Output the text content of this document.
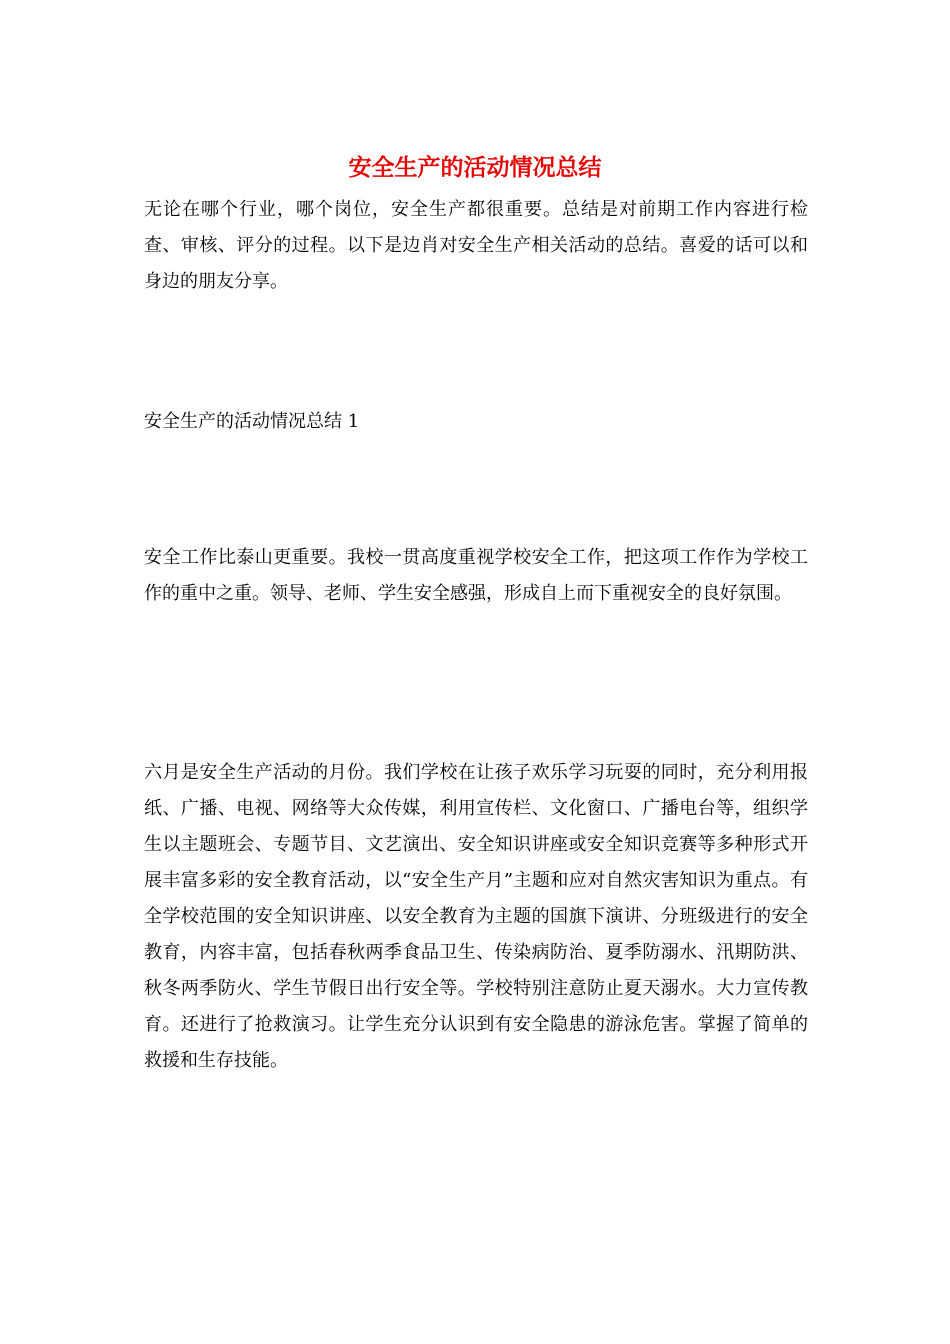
安全生产的活动情况总结

无论在哪个行业，哪个岗位，安全生产都很重要。总结是对前期工作内容进行检查、审核、评分的过程。以下是边肖对安全生产相关活动的总结。喜爱的话可以和身边的朋友分享。

安全生产的活动情况总结 1

安全工作比泰山更重要。我校一贯高度重视学校安全工作，把这项工作作为学校工作的重中之重。领导、老师、学生安全感强，形成自上而下重视安全的良好氛围。

六月是安全生产活动的月份。我们学校在让孩子欢乐学习玩耍的同时，充分利用报纸、广播、电视、网络等大众传媒，利用宣传栏、文化窗口、广播电台等，组织学生以主题班会、专题节目、文艺演出、安全知识讲座或安全知识竞赛等多种形式开展丰富多彩的安全教育活动，以“安全生产月”主题和应对自然灾害知识为重点。有全学校范围的安全知识讲座、以安全教育为主题的国旗下演讲、分班级进行的安全教育，内容丰富，包括春秋两季食品卫生、传染病防治、夏季防溺水、汛期防洪、秋冬两季防火、学生节假日出行安全等。学校特别注意防止夏天溺水。大力宣传教育。还进行了抢救演习。让学生充分认识到有安全隐患的游泳危害。掌握了简单的救援和生存技能。
